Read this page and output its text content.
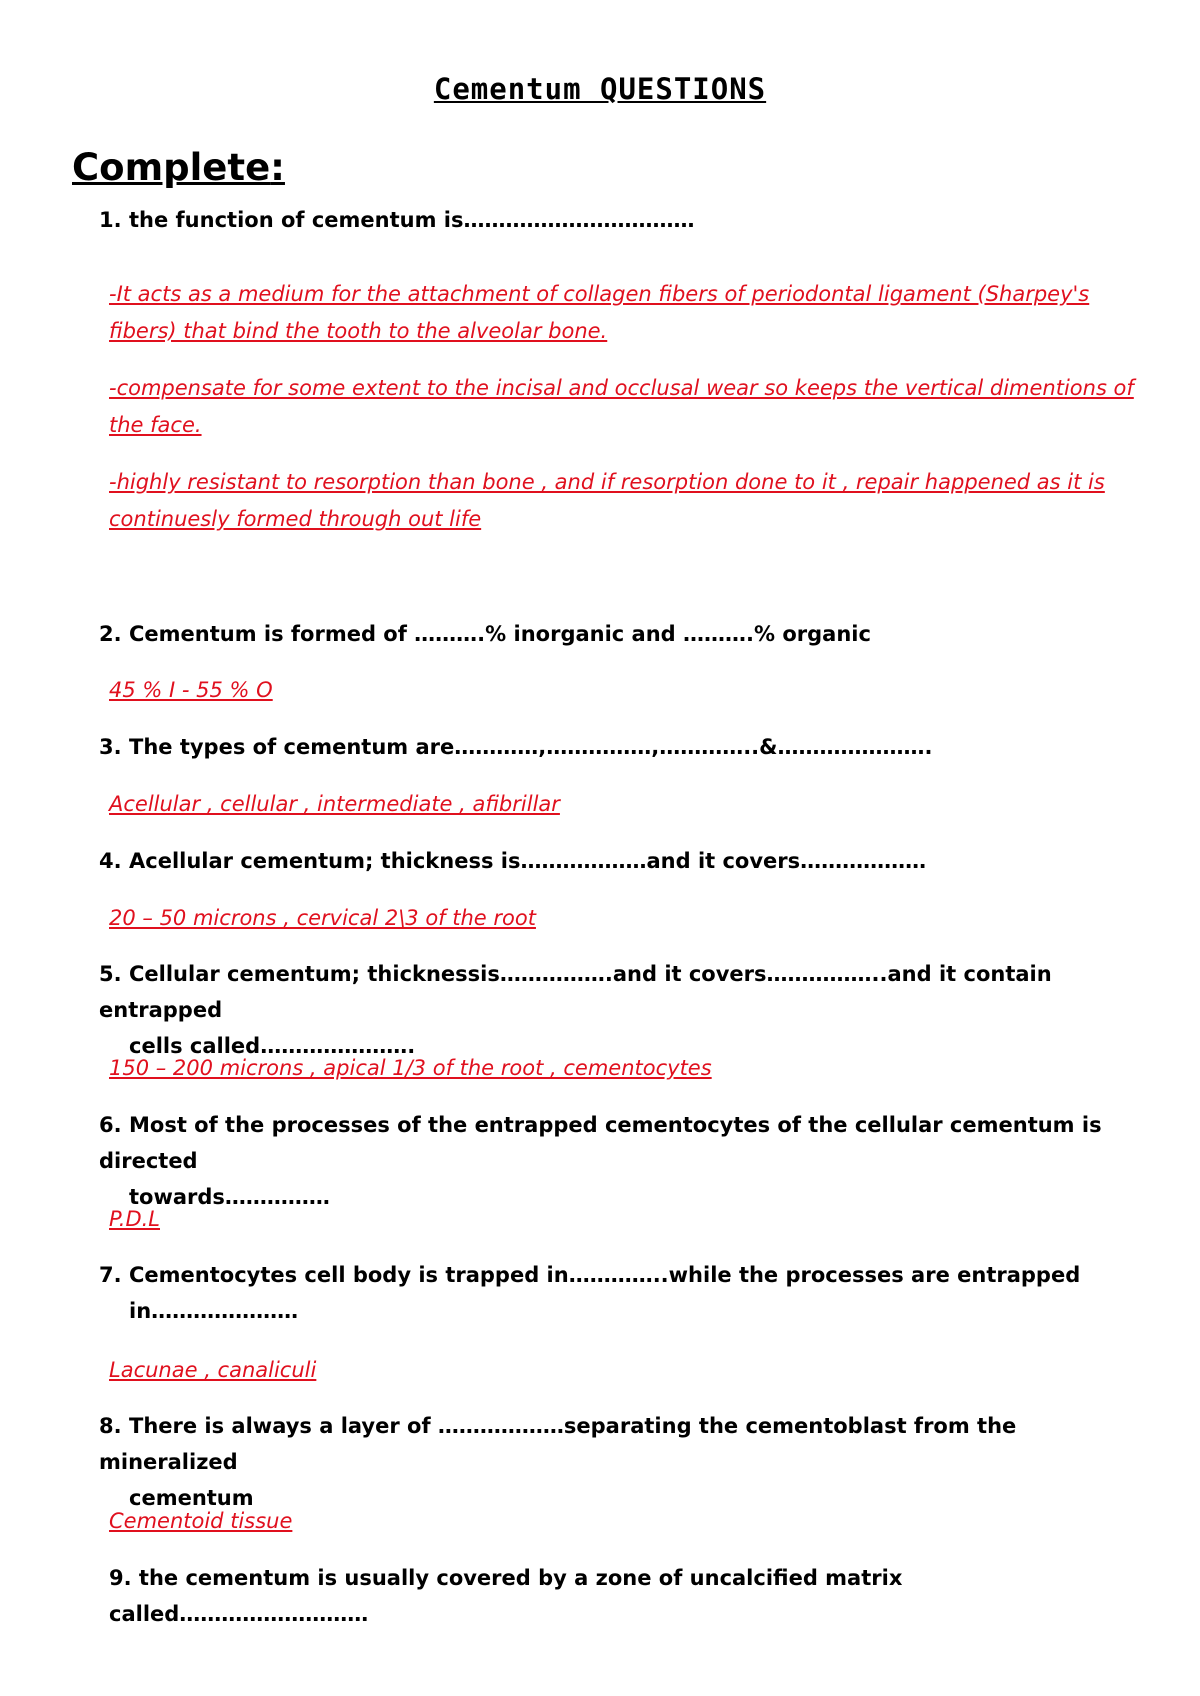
Cementum QUESTIONS
Complete:
1. the function of cementum is……………………………
-It acts as a medium for the attachment of collagen fibers of periodontal ligament (Sharpey's fibers) that bind the tooth to the alveolar bone.
-compensate for some extent to the incisal and occlusal wear so keeps the vertical dimentions of the face.
-highly resistant to resorption than bone , and if resorption done to it , repair happened as it is continuesly formed through out life
2. Cementum is formed of ……….% inorganic and ……….% organic
45 % I - 55 % O
3. The types of cementum are…………,……………,…………..&………………….
Acellular , cellular , intermediate , afibrillar
4. Acellular cementum; thickness is………………and it covers………………
20 – 50 microns , cervical 2\3 of the root
5. Cellular cementum; thicknessis…………….and it covers……………..and it contain entrapped
cells called………………….
150 – 200 microns , apical 1/3 of the root , cementocytes
6. Most of the processes of the entrapped cementocytes of the cellular cementum is directed
towards……………
P.D.L
7. Cementocytes cell body is trapped in…………..while the processes are entrapped
in…………………
Lacunae , canaliculi
8. There is always a layer of ………………separating the cementoblast from the mineralized
cementum
Cementoid tissue
9. the cementum is usually covered by a zone of uncalcified matrix called………………………
